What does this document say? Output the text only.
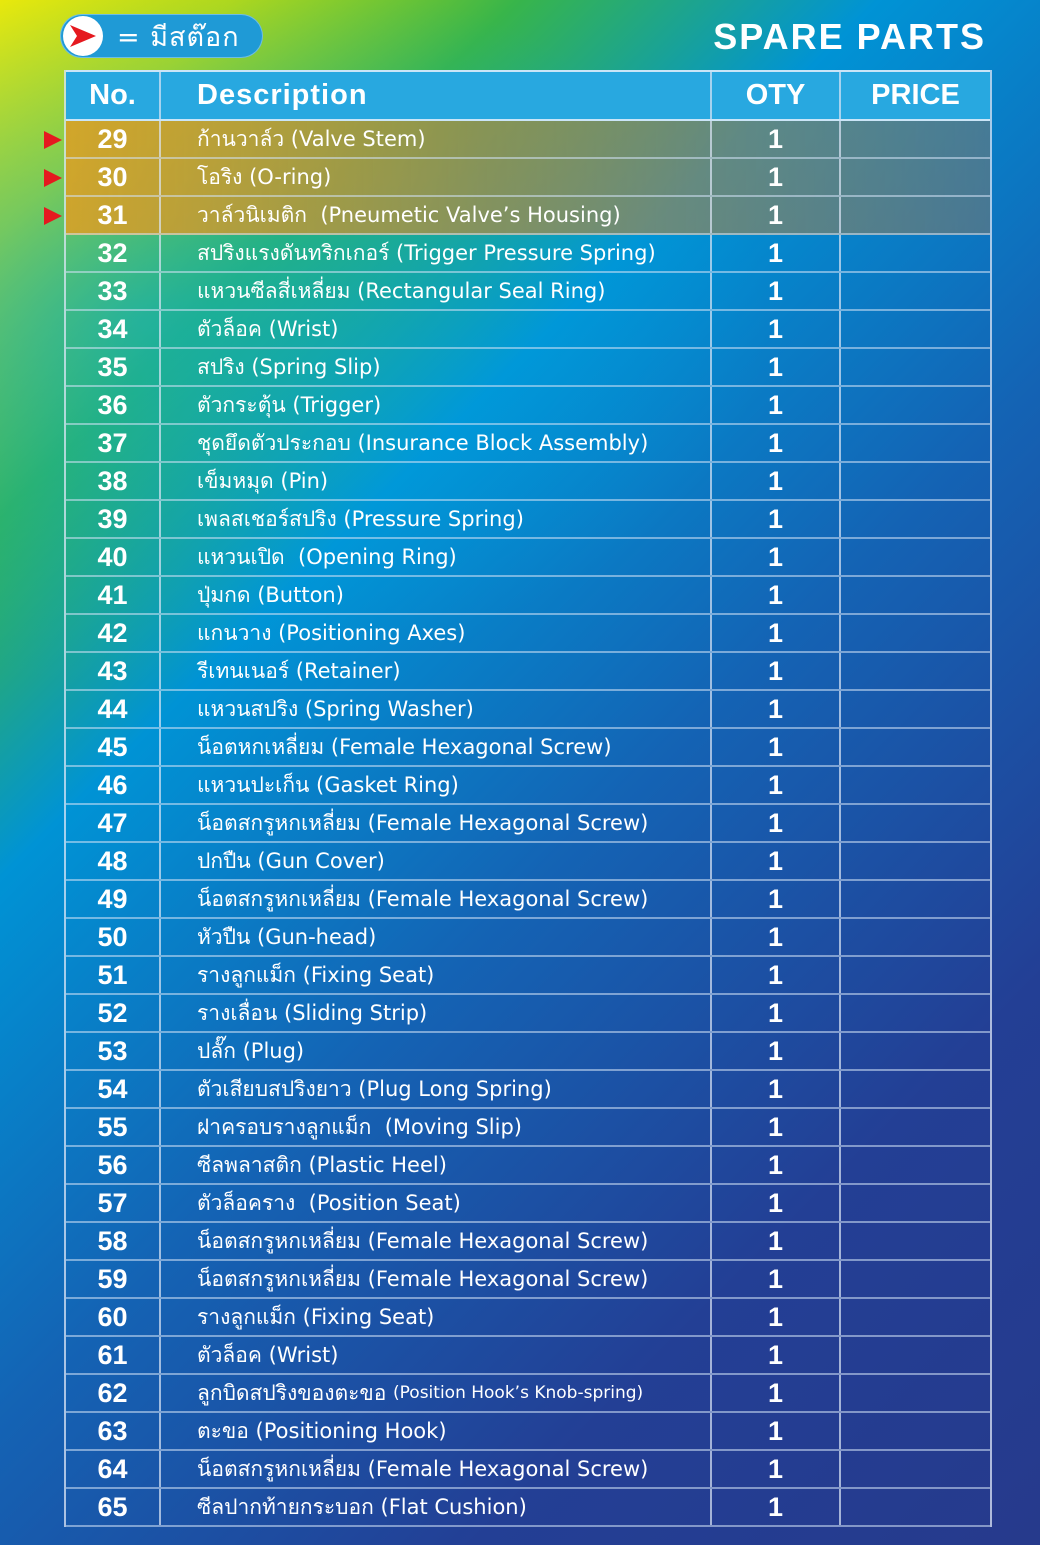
= มีสต๊อก	SPARE PARTS
No.	Description	OTY	PRICE
29	ก้านวาล์ว (Valve Stem)	1
30	โอริง (O-ring)	1
31	วาล์วนิเมติก  (Pneumetic Valve’s Housing)	1
32	สปริงแรงดันทริกเกอร์ (Trigger Pressure Spring)	1
33	แหวนซีลสี่เหลี่ยม (Rectangular Seal Ring)	1
34	ตัวล็อค (Wrist)	1
35	สปริง (Spring Slip)	1
36	ตัวกระตุ้น (Trigger)	1
37	ชุดยึดตัวประกอบ (Insurance Block Assembly)	1
38	เข็มหมุด (Pin)	1
39	เพลสเชอร์สปริง (Pressure Spring)	1
40	แหวนเปิด  (Opening Ring)	1
41	ปุ่มกด (Button)	1
42	แกนวาง (Positioning Axes)	1
43	รีเทนเนอร์ (Retainer)	1
44	แหวนสปริง (Spring Washer)	1
45	น็อตหกเหลี่ยม (Female Hexagonal Screw)	1
46	แหวนปะเก็น (Gasket Ring)	1
47	น็อตสกรูหกเหลี่ยม (Female Hexagonal Screw)	1
48	ปกปืน (Gun Cover)	1
49	น็อตสกรูหกเหลี่ยม (Female Hexagonal Screw)	1
50	หัวปืน (Gun-head)	1
51	รางลูกแม็ก (Fixing Seat)	1
52	รางเลื่อน (Sliding Strip)	1
53	ปลั๊ก (Plug)	1
54	ตัวเสียบสปริงยาว (Plug Long Spring)	1
55	ฝาครอบรางลูกแม็ก  (Moving Slip)	1
56	ซีลพลาสติก (Plastic Heel)	1
57	ตัวล็อคราง  (Position Seat)	1
58	น็อตสกรูหกเหลี่ยม (Female Hexagonal Screw)	1
59	น็อตสกรูหกเหลี่ยม (Female Hexagonal Screw)	1
60	รางลูกแม็ก (Fixing Seat)	1
61	ตัวล็อค (Wrist)	1
62	ลูกบิดสปริงของตะขอ (Position Hook’s Knob-spring)	1
63	ตะขอ (Positioning Hook)	1
64	น็อตสกรูหกเหลี่ยม (Female Hexagonal Screw)	1
65	ซีลปากท้ายกระบอก (Flat Cushion)	1
